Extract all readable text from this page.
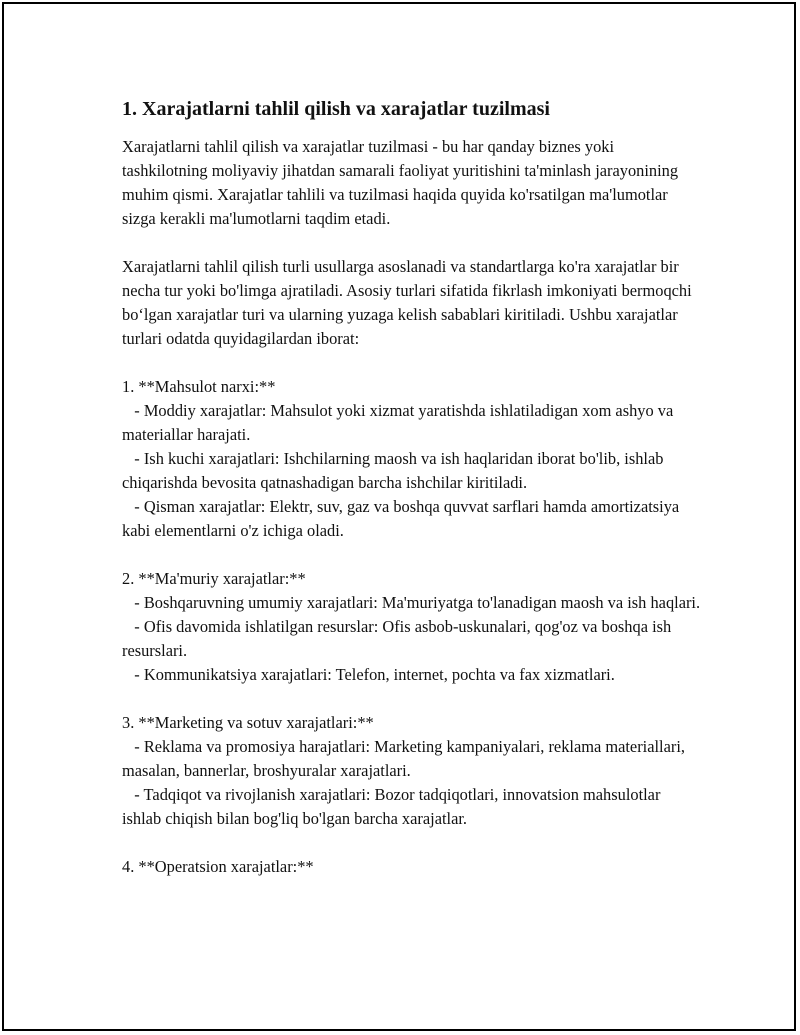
1. Xarajatlarni tahlil qilish va xarajatlar tuzilmasi

Xarajatlarni tahlil qilish va xarajatlar tuzilmasi - bu har qanday biznes yoki tashkilotning moliyaviy jihatdan samarali faoliyat yuritishini ta'minlash jarayonining muhim qismi. Xarajatlar tahlili va tuzilmasi haqida quyida ko'rsatilgan ma'lumotlar sizga kerakli ma'lumotlarni taqdim etadi.

Xarajatlarni tahlil qilish turli usullarga asoslanadi va standartlarga ko'ra xarajatlar bir necha tur yoki bo'limga ajratiladi. Asosiy turlari sifatida fikrlash imkoniyati bermoqchi bo‘lgan xarajatlar turi va ularning yuzaga kelish sabablari kiritiladi. Ushbu xarajatlar turlari odatda quyidagilardan iborat:

1. **Mahsulot narxi:**
- Moddiy xarajatlar: Mahsulot yoki xizmat yaratishda ishlatiladigan xom ashyo va materiallar harajati.
- Ish kuchi xarajatlari: Ishchilarning maosh va ish haqlaridan iborat bo'lib, ishlab chiqarishda bevosita qatnashadigan barcha ishchilar kiritiladi.
- Qisman xarajatlar: Elektr, suv, gaz va boshqa quvvat sarflari hamda amortizatsiya kabi elementlarni o'z ichiga oladi.
2. **Ma'muriy xarajatlar:**
- Boshqaruvning umumiy xarajatlari: Ma'muriyatga to'lanadigan maosh va ish haqlari.
- Ofis davomida ishlatilgan resurslar: Ofis asbob-uskunalari, qog'oz va boshqa ish resurslari.
- Kommunikatsiya xarajatlari: Telefon, internet, pochta va fax xizmatlari.
3. **Marketing va sotuv xarajatlari:**
- Reklama va promosiya harajatlari: Marketing kampaniyalari, reklama materiallari, masalan, bannerlar, broshyuralar xarajatlari.
- Tadqiqot va rivojlanish xarajatlari: Bozor tadqiqotlari, innovatsion mahsulotlar ishlab chiqish bilan bog'liq bo'lgan barcha xarajatlar.
4. **Operatsion xarajatlar:**
